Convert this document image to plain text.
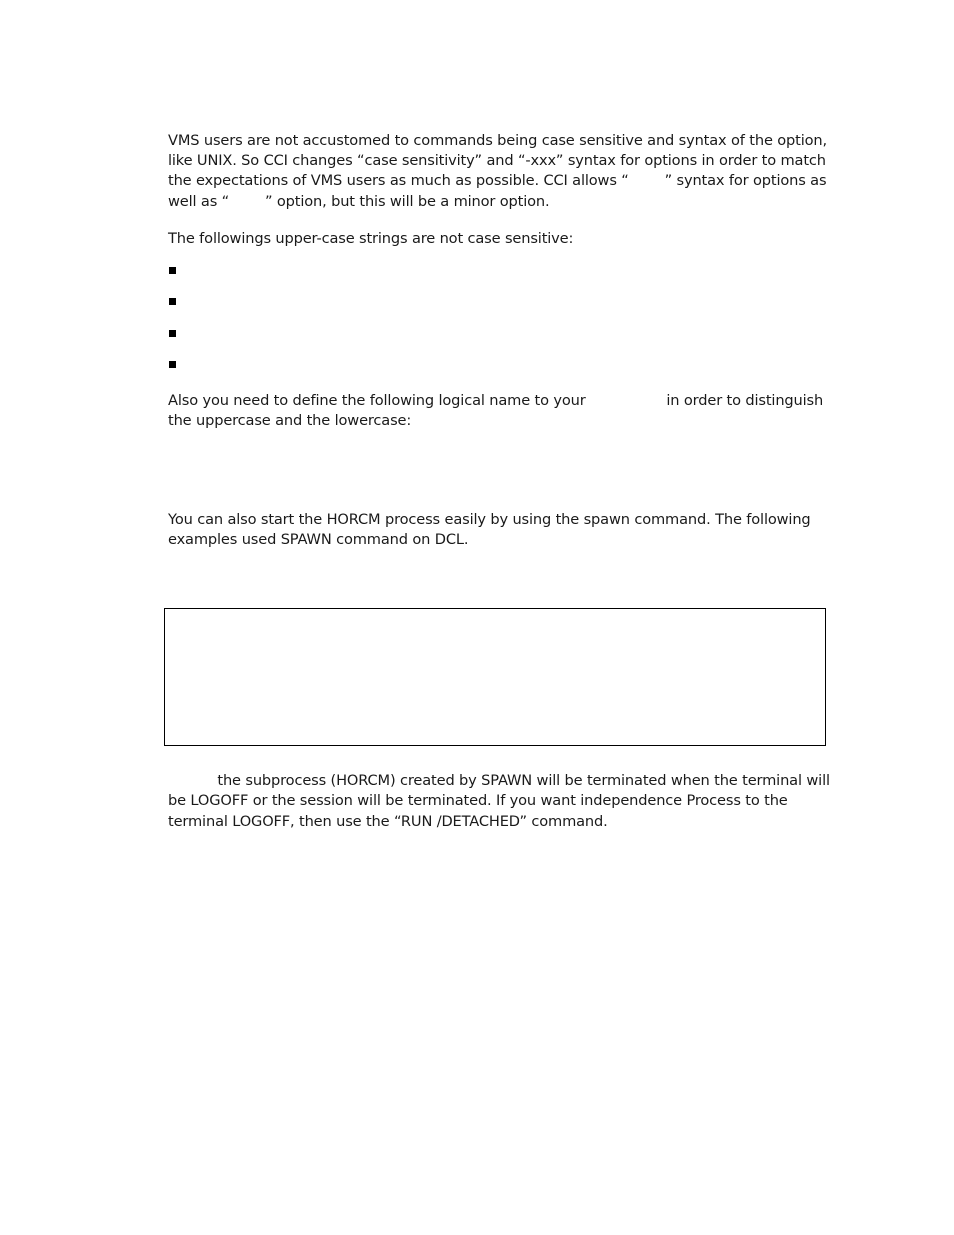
VMS users are not accustomed to commands being case sensitive and syntax of the option,
like UNIX. So CCI changes “case sensitivity” and “-xxx” syntax for options in order to match
the expectations of VMS users as much as possible. CCI allows “        ” syntax for options as
well as “        ” option, but this will be a minor option.
The followings upper-case strings are not case sensitive:
Also you need to define the following logical name to your                  in order to distinguish
the uppercase and the lowercase:
You can also start the HORCM process easily by using the spawn command. The following
examples used SPAWN command on DCL.
the subprocess (HORCM) created by SPAWN will be terminated when the terminal will
be LOGOFF or the session will be terminated. If you want independence Process to the
terminal LOGOFF, then use the “RUN /DETACHED” command.
